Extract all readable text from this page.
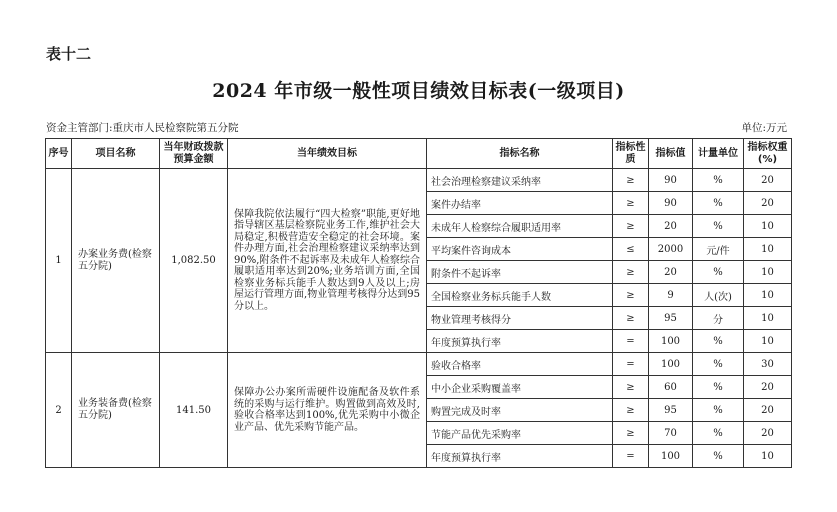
表十二
2024 年市级一般性项目绩效目标表(一级项目)
资金主管部门:重庆市人民检察院第五分院	单位:万元
序号	项目名称	当年财政拨款预算金额	当年绩效目标	指标名称	指标性质	指标值	计量单位	指标权重(%)
1	办案业务费(检察五分院)	1,082.50	保障我院依法履行“四大检察”职能,更好地指导辖区基层检察院业务工作,维护社会大局稳定,积极营造安全稳定的社会环境。案件办理方面,社会治理检察建议采纳率达到90%,附条件不起诉率及未成年人检察综合履职适用率达到20%;业务培训方面,全国检察业务标兵能手人数达到9人及以上;房屋运行管理方面,物业管理考核得分达到95分以上。	社会治理检察建议采纳率	≥	90	%	20
				案件办结率	≥	90	%	20
				未成年人检察综合履职适用率	≥	20	%	10
				平均案件咨询成本	≤	2000	元/件	10
				附条件不起诉率	≥	20	%	10
				全国检察业务标兵能手人数	≥	9	人(次)	10
				物业管理考核得分	≥	95	分	10
				年度预算执行率	=	100	%	10
2	业务装备费(检察五分院)	141.50	保障办公办案所需硬件设施配备及软件系统的采购与运行维护。购置做到高效及时,验收合格率达到100%,优先采购中小微企业产品、优先采购节能产品。	验收合格率	=	100	%	30
				中小企业采购覆盖率	≥	60	%	20
				购置完成及时率	≥	95	%	20
				节能产品优先采购率	≥	70	%	20
				年度预算执行率	=	100	%	10
